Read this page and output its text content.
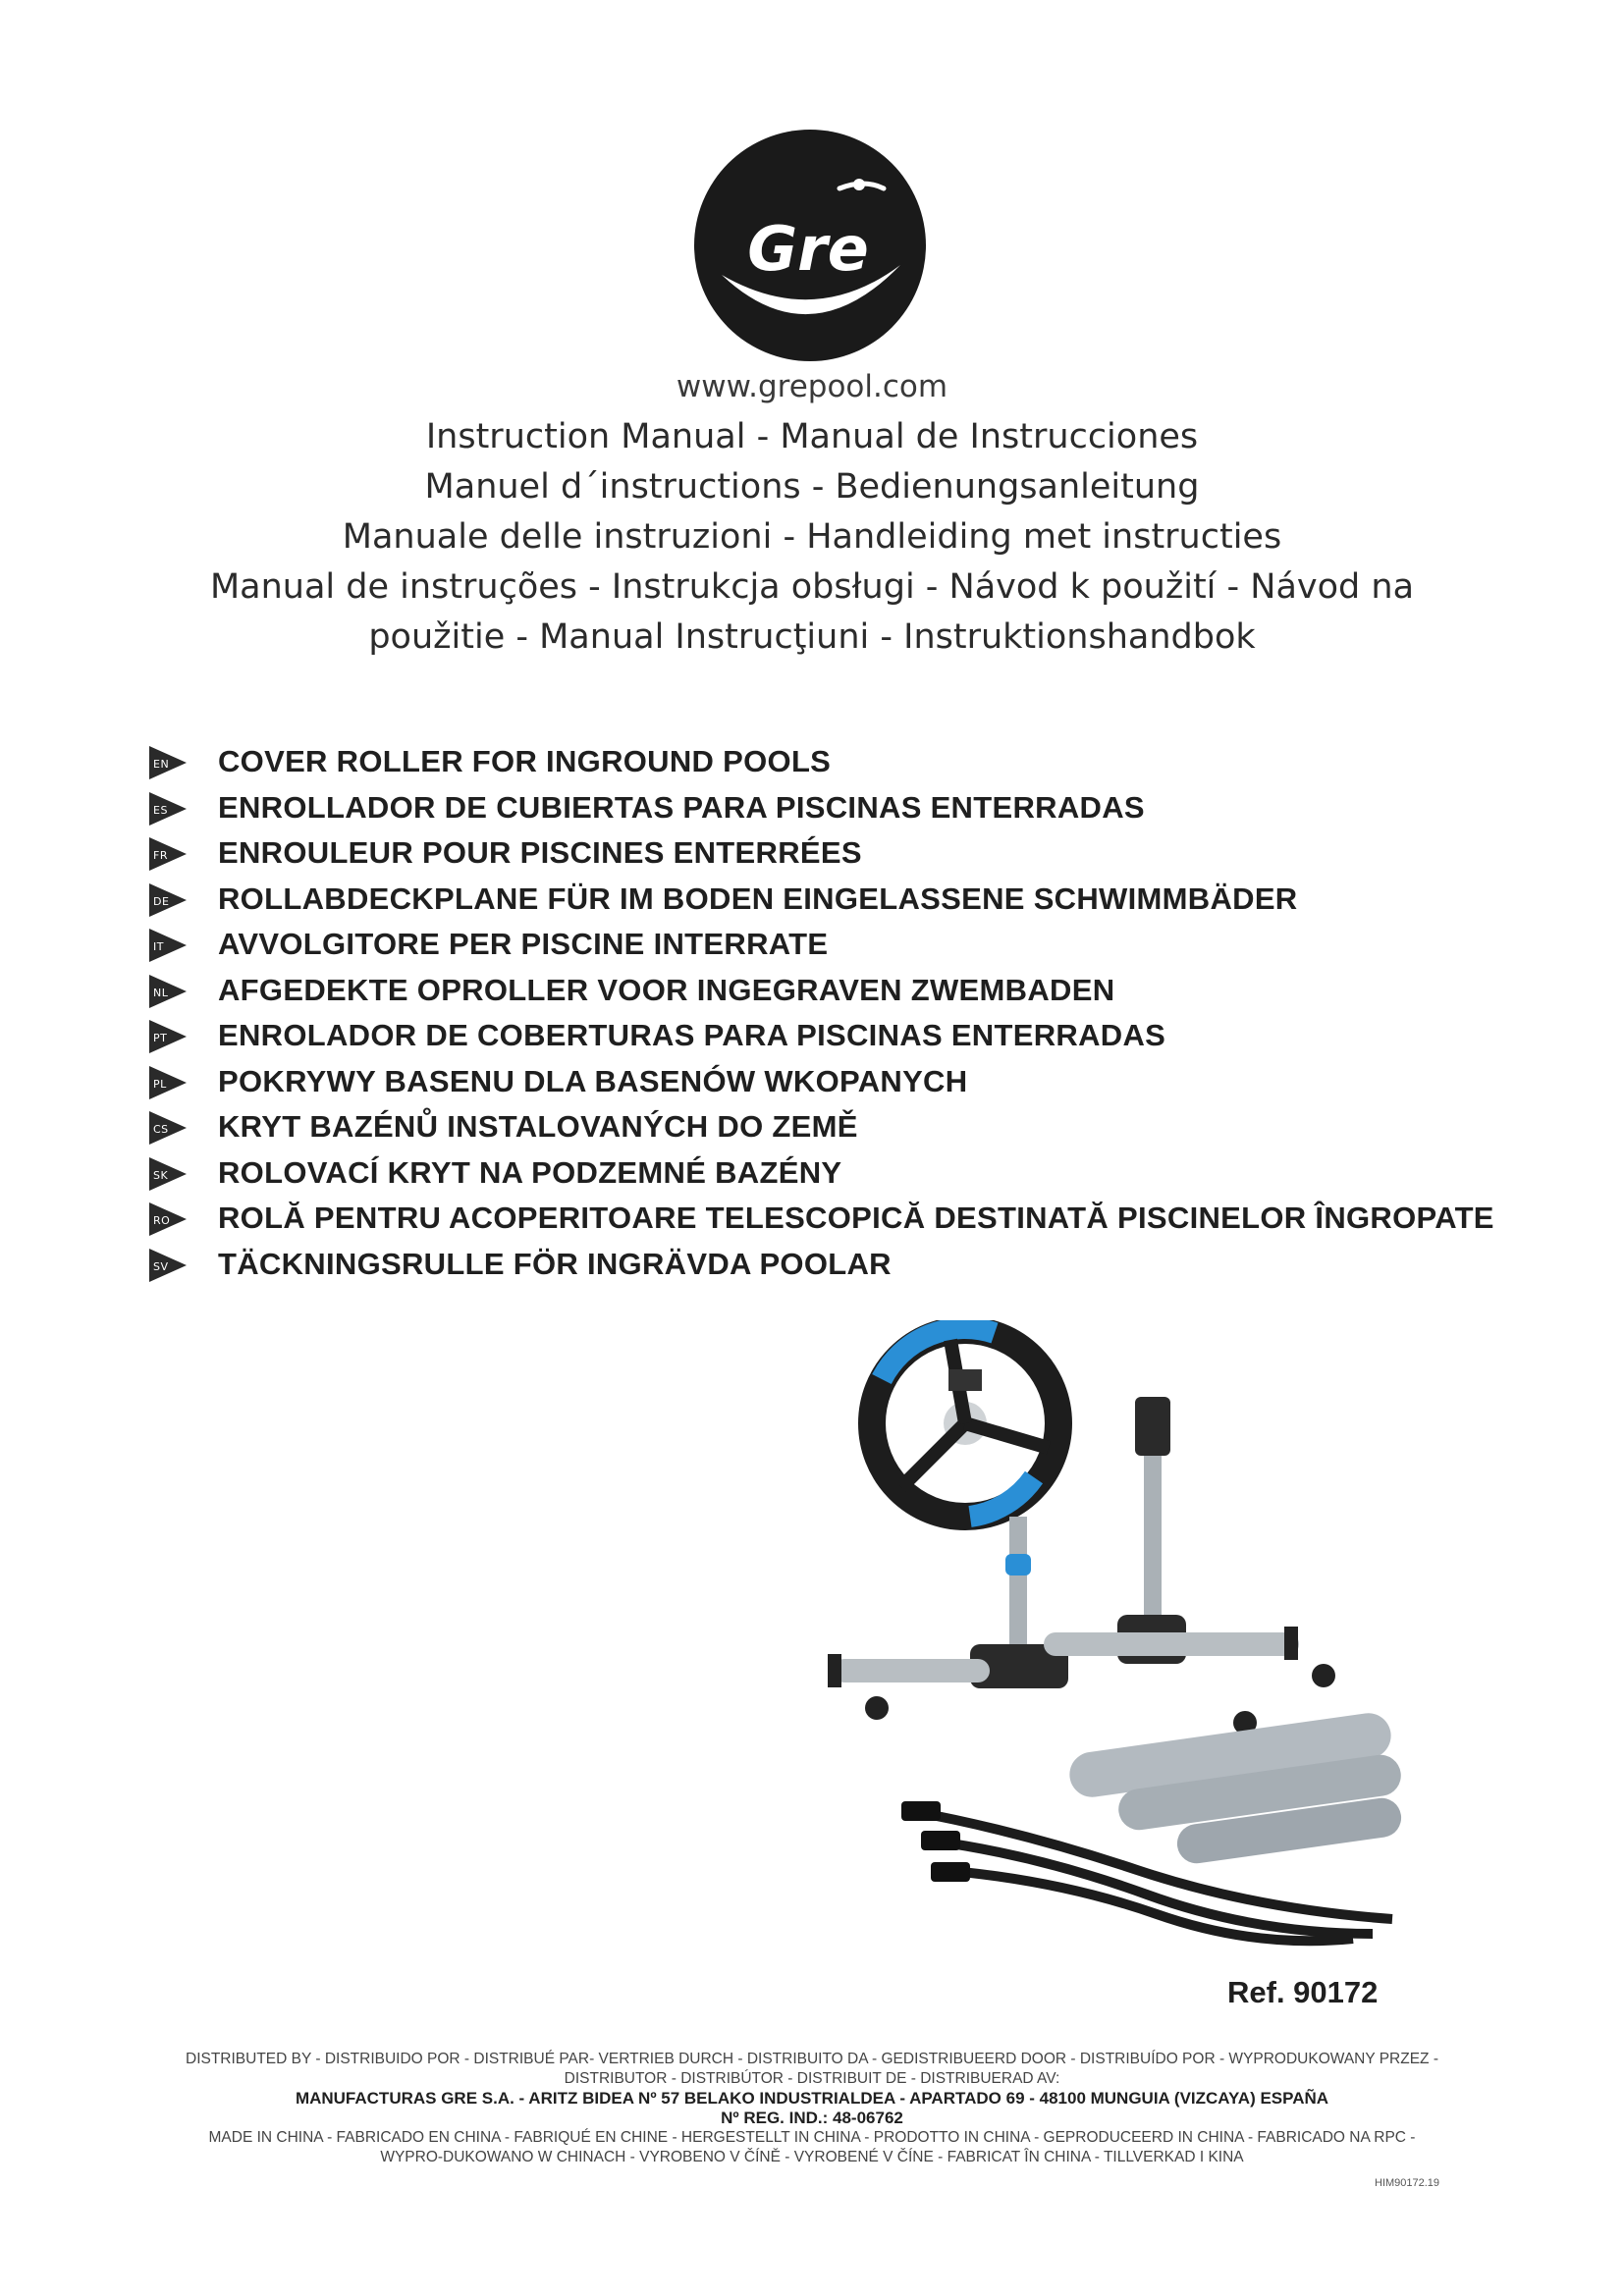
Gre
www.grepool.com
Instruction Manual - Manual de Instrucciones
Manuel d´instructions - Bedienungsanleitung
Manuale delle instruzioni - Handleiding met instructies
Manual de instruções - Instrukcja obsługi - Návod k použití - Návod na
použitie - Manual Instrucţiuni - Instruktionshandbok
EN COVER ROLLER FOR INGROUND POOLS
ES ENROLLADOR DE CUBIERTAS PARA PISCINAS ENTERRADAS
FR ENROULEUR POUR PISCINES ENTERRÉES
DE ROLLABDECKPLANE FÜR IM BODEN EINGELASSENE SCHWIMMBÄDER
IT AVVOLGITORE PER PISCINE INTERRATE
NL AFGEDEKTE OPROLLER VOOR INGEGRAVEN ZWEMBADEN
PT ENROLADOR DE COBERTURAS PARA PISCINAS ENTERRADAS
PL POKRYWY BASENU DLA BASENÓW WKOPANYCH
CS KRYT BAZÉNŮ INSTALOVANÝCH DO ZEMĚ
SK ROLOVACÍ KRYT NA PODZEMNÉ BAZÉNY
RO ROLĂ PENTRU ACOPERITOARE TELESCOPICĂ DESTINATĂ PISCINELOR ÎNGROPATE
SV TÄCKNINGSRULLE FÖR INGRÄVDA POOLAR
Ref. 90172
DISTRIBUTED BY - DISTRIBUIDO POR - DISTRIBUÉ PAR- VERTRIEB DURCH - DISTRIBUITO DA - GEDISTRIBUEERD DOOR - DISTRIBUÍDO POR - WYPRODUKOWANY PRZEZ -
DISTRIBUTOR - DISTRIBÚTOR - DISTRIBUIT DE - DISTRIBUERAD AV:
MANUFACTURAS GRE S.A. - ARITZ BIDEA Nº 57 BELAKO INDUSTRIALDEA - APARTADO 69 - 48100 MUNGUIA (VIZCAYA) ESPAÑA
Nº REG. IND.: 48-06762
MADE IN CHINA - FABRICADO EN CHINA - FABRIQUÉ EN CHINE - HERGESTELLT IN CHINA - PRODOTTO IN CHINA - GEPRODUCEERD IN CHINA - FABRICADO NA RPC -
WYPRO-DUKOWANO W CHINACH - VYROBENO V ČÍNĚ - VYROBENÉ V ČÍNE - FABRICAT ÎN CHINA - TILLVERKAD I KINA
HIM90172.19
